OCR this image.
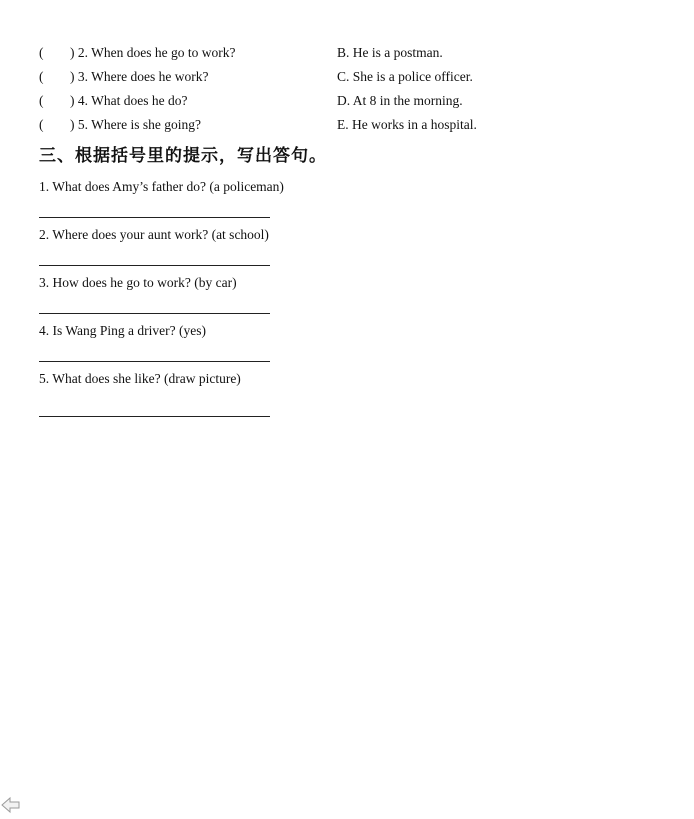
( ) 2. When does he go to work?	B. He is a postman.
( ) 3. Where does he work?	C. She is a police officer.
( ) 4. What does he do?	D. At 8 in the morning.
( ) 5. Where is she going?	E. He works in a hospital.
三、根据括号里的提示，写出答句。
1. What does Amy’s father do? (a policeman)
2. Where does your aunt work? (at school)
3. How does he go to work? (by car)
4. Is Wang Ping a driver? (yes)
5. What does she like? (draw picture)
